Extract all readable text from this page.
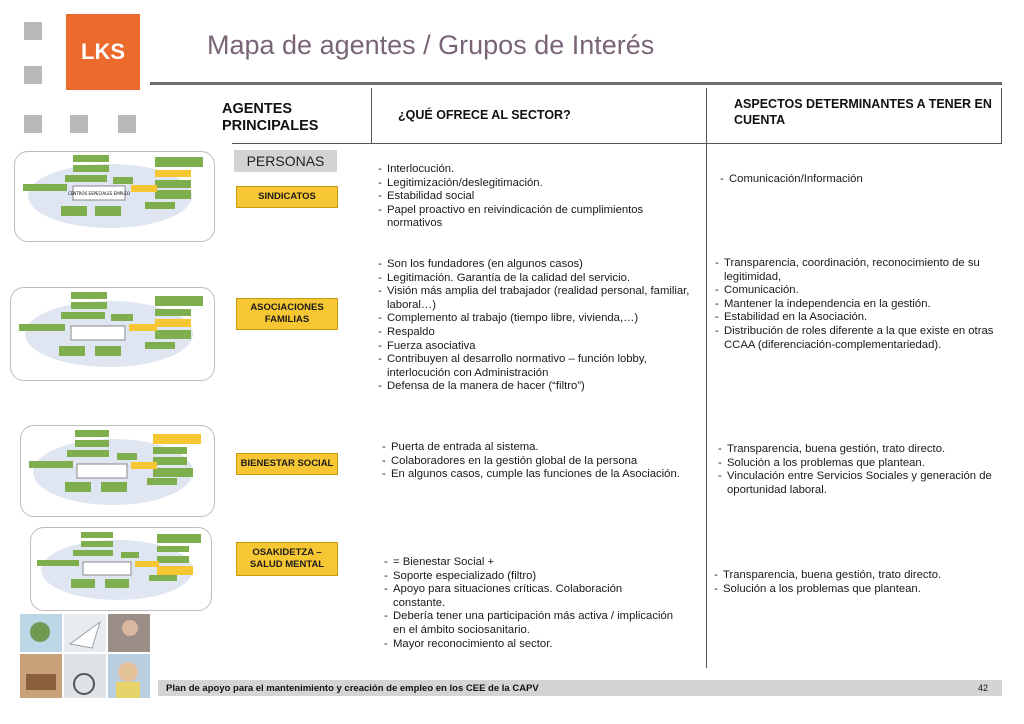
LKS	Mapa de agentes / Grupos de Interés
AGENTES PRINCIPALES
¿QUÉ OFRECE AL SECTOR?
ASPECTOS DETERMINANTES A TENER EN CUENTA
CENTROS ESPECIALES EMPLEO
PERSONAS
SINDICATOS
ASOCIACIONES FAMILIAS
BIENESTAR SOCIAL
OSAKIDETZA – SALUD MENTAL
- Interlocución.
- Legitimización/deslegitimación.
- Estabilidad social
- Papel proactivo en reivindicación de cumplimientos normativos
- Son los fundadores (en algunos casos)
- Legitimación. Garantía de la calidad del servicio.
- Visión más amplia del trabajador (realidad personal, familiar, laboral…)
- Complemento al trabajo (tiempo libre, vivienda,…)
- Respaldo
- Fuerza asociativa
- Contribuyen al desarrollo normativo – función lobby, interlocución con Administración
- Defensa de la manera de hacer (“filtro”)
- Puerta de entrada al sistema.
- Colaboradores en la gestión global de la persona
- En algunos casos, cumple las funciones de la Asociación.
- = Bienestar Social +
- Soporte especializado (filtro)
- Apoyo para situaciones críticas. Colaboración constante.
- Debería tener una participación más activa / implicación en el ámbito sociosanitario.
- Mayor reconocimiento al sector.
- Comunicación/Información
- Transparencia, coordinación, reconocimiento de su legitimidad,
- Comunicación.
- Mantener la independencia en la gestión.
- Estabilidad en la Asociación.
- Distribución de roles diferente a la que existe en otras CCAA (diferenciación-complementariedad).
- Transparencia, buena gestión, trato directo.
- Solución a los problemas que plantean.
- Vinculación entre Servicios Sociales y generación de oportunidad laboral.
- Transparencia, buena gestión, trato directo.
- Solución a los problemas que plantean.
Plan de apoyo para el mantenimiento y creación de empleo en los CEE de la CAPV	42
